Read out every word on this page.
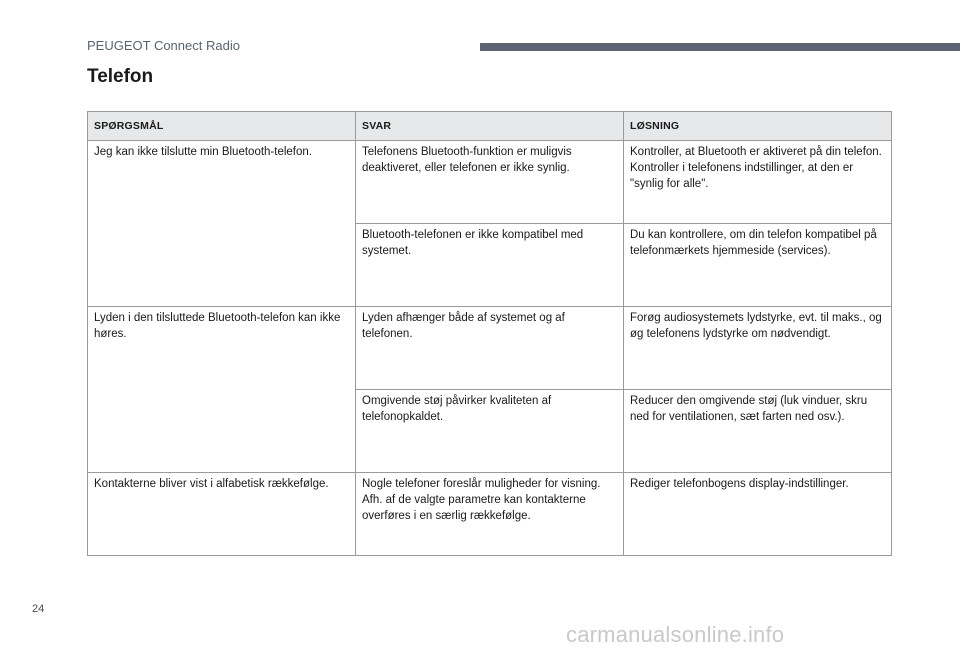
PEUGEOT Connect Radio
Telefon
SPØRGSMÅL	SVAR	LØSNING
Jeg kan ikke tilslutte min Bluetooth-telefon.	Telefonens Bluetooth-funktion er muligvis deaktiveret, eller telefonen er ikke synlig.	Kontroller, at Bluetooth er aktiveret på din telefon.
Kontroller i telefonens indstillinger, at den er "synlig for alle".
	Bluetooth-telefonen er ikke kompatibel med systemet.	Du kan kontrollere, om din telefon kompatibel på telefonmærkets hjemmeside (services).
Lyden i den tilsluttede Bluetooth-telefon kan ikke høres.	Lyden afhænger både af systemet og af telefonen.	Forøg audiosystemets lydstyrke, evt. til maks., og øg telefonens lydstyrke om nødvendigt.
	Omgivende støj påvirker kvaliteten af telefonopkaldet.	Reducer den omgivende støj (luk vinduer, skru ned for ventilationen, sæt farten ned osv.).
Kontakterne bliver vist i alfabetisk rækkefølge.	Nogle telefoner foreslår muligheder for visning. Afh. af de valgte parametre kan kontakterne overføres i en særlig rækkefølge.	Rediger telefonbogens display-indstillinger.
24
carmanualsonline.info
